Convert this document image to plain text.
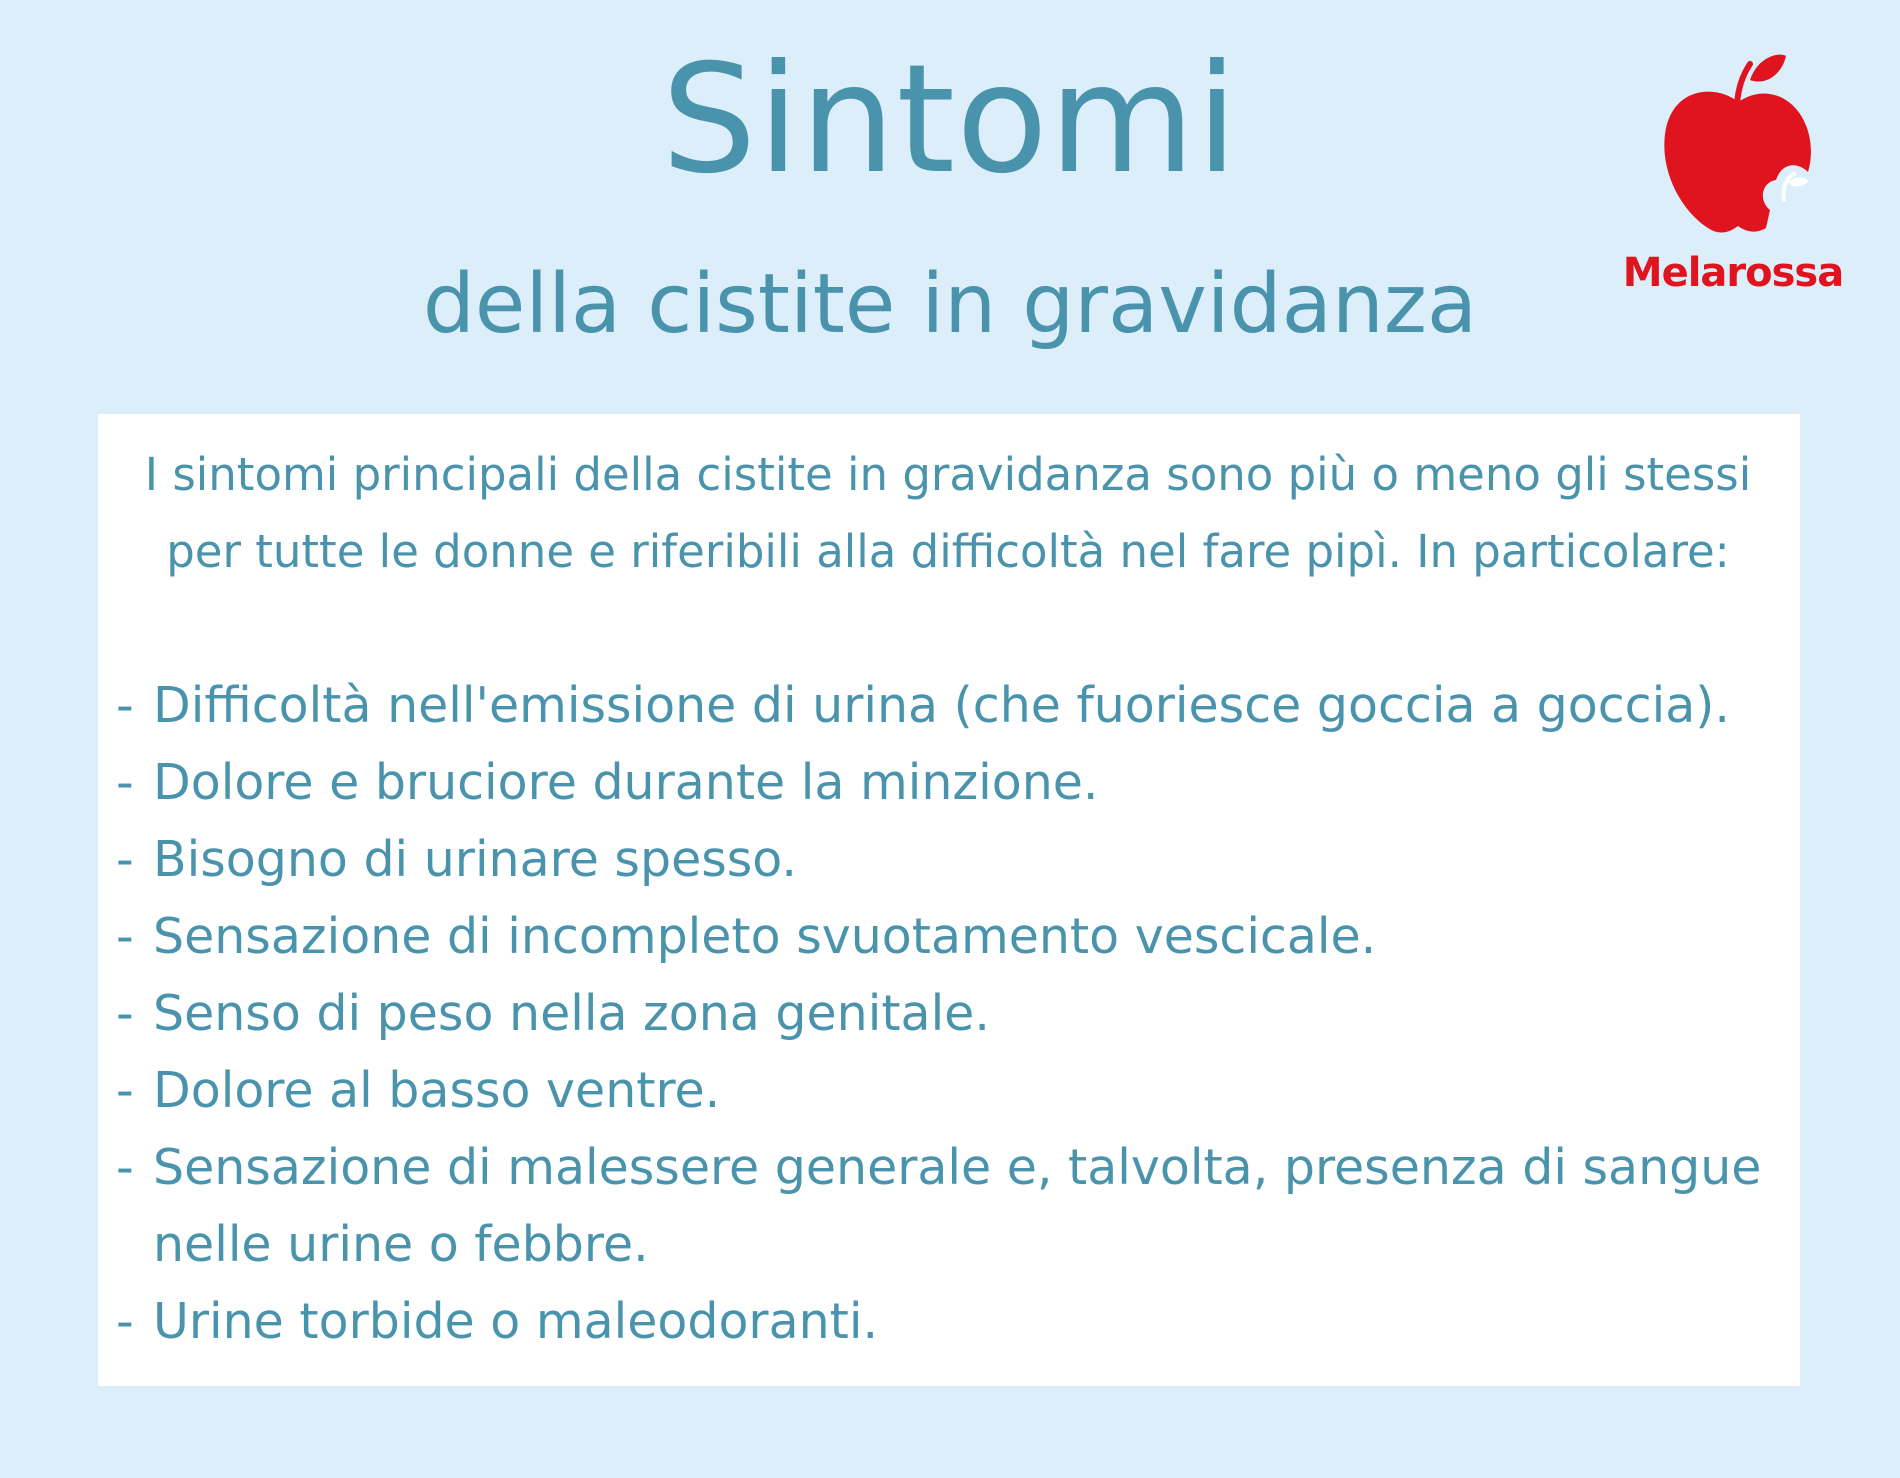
Sintomi
della cistite in gravidanza	Melarossa

I sintomi principali della cistite in gravidanza sono più o meno gli stessi per tutte le donne e riferibili alla difficoltà nel fare pipì. In particolare:

- Difficoltà nell'emissione di urina (che fuoriesce goccia a goccia).
- Dolore e bruciore durante la minzione.
- Bisogno di urinare spesso.
- Sensazione di incompleto svuotamento vescicale.
- Senso di peso nella zona genitale.
- Dolore al basso ventre.
- Sensazione di malessere generale e, talvolta, presenza di sangue nelle urine o febbre.
- Urine torbide o maleodoranti.
